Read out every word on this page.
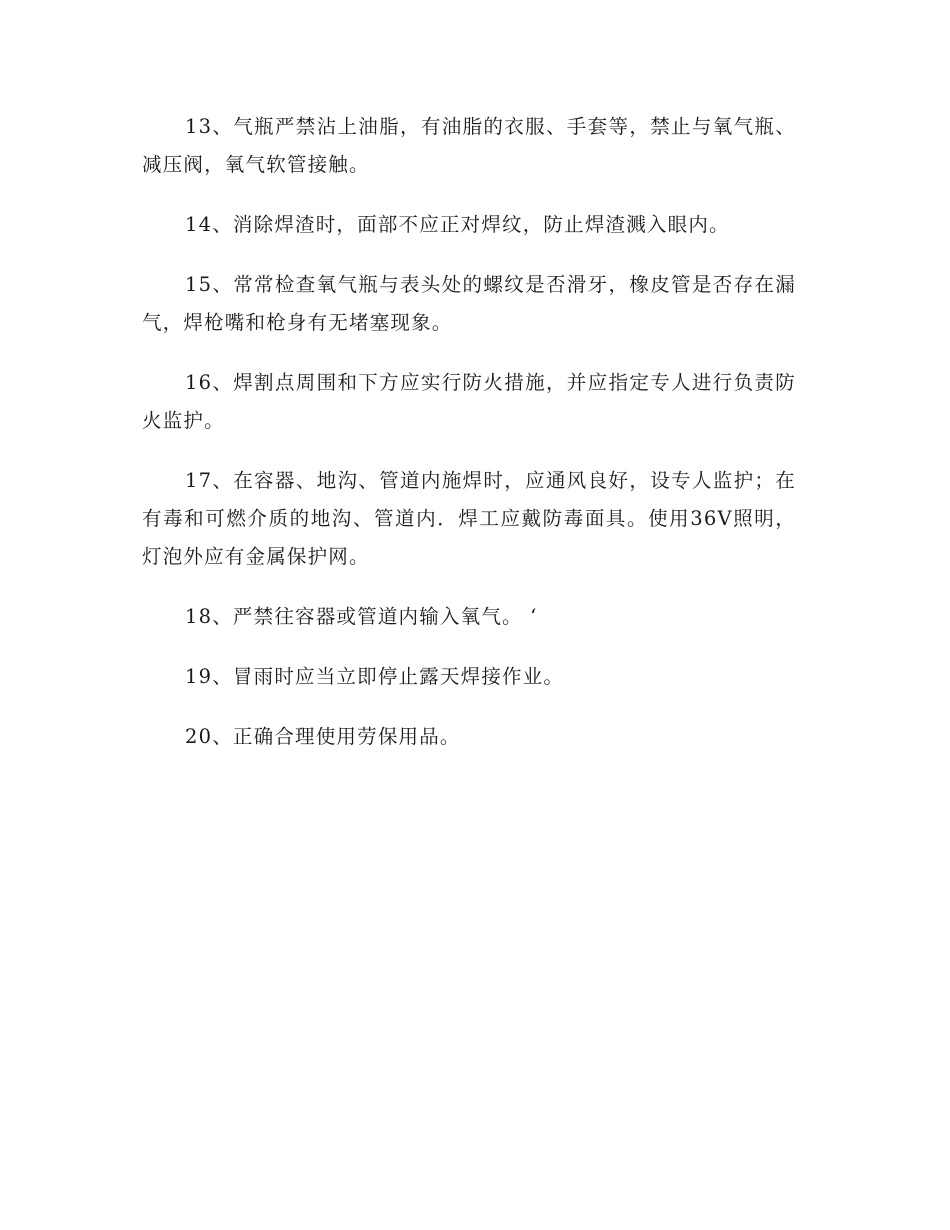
13、气瓶严禁沾上油脂，有油脂的衣服、手套等，禁止与氧气瓶、减压阀，氧气软管接触。

14、消除焊渣时，面部不应正对焊纹，防止焊渣溅入眼内。

15、常常检查氧气瓶与表头处的螺纹是否滑牙，橡皮管是否存在漏气，焊枪嘴和枪身有无堵塞现象。

16、焊割点周围和下方应实行防火措施，并应指定专人进行负责防火监护。

17、在容器、地沟、管道内施焊时，应通风良好，设专人监护；在有毒和可燃介质的地沟、管道内．焊工应戴防毒面具。使用36V照明，灯泡外应有金属保护网。

18、严禁往容器或管道内输入氧气。 ‘

19、冒雨时应当立即停止露天焊接作业。

20、正确合理使用劳保用品。
